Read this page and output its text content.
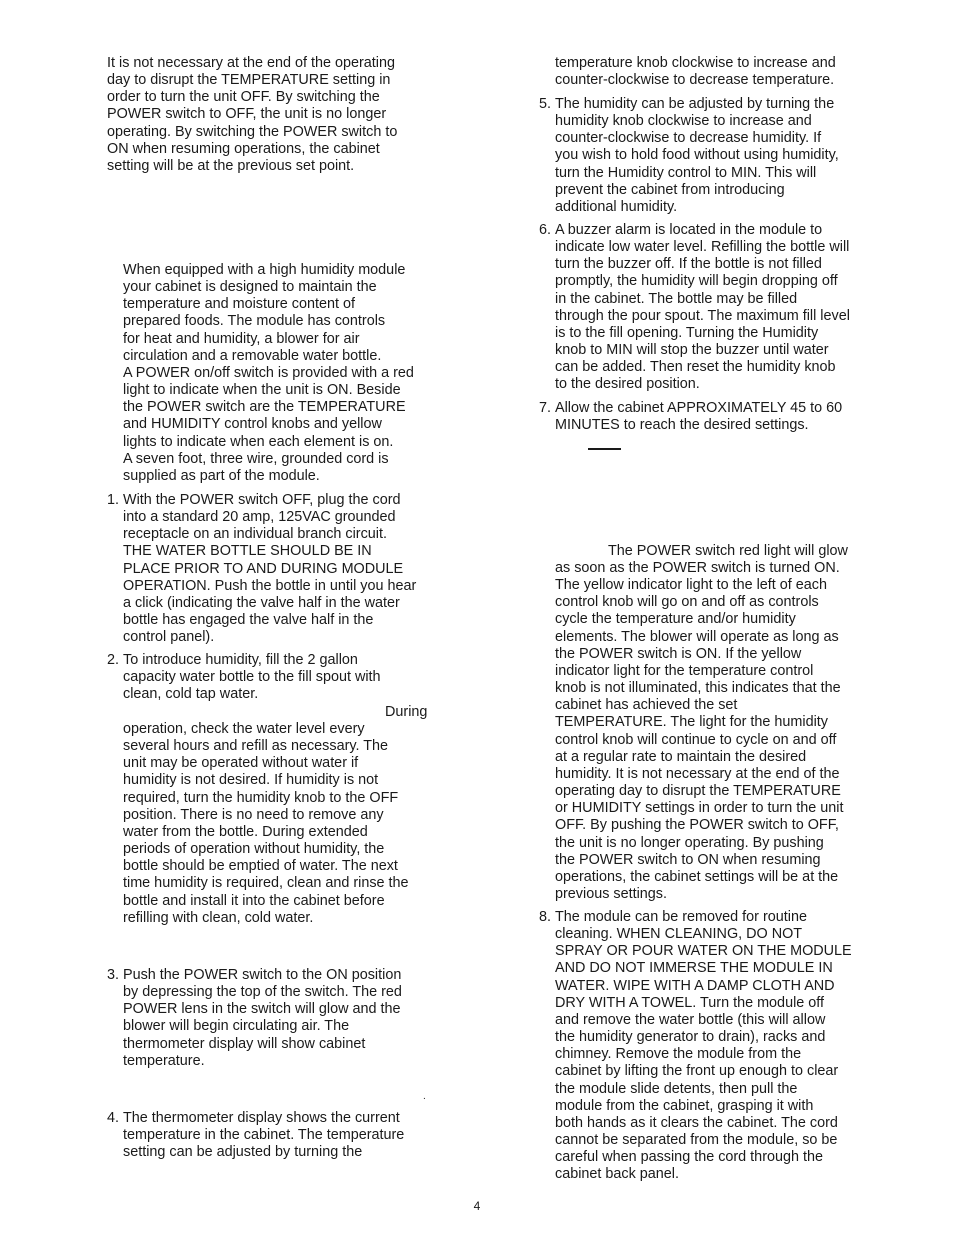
It is not necessary at the end of the operating
day to disrupt the TEMPERATURE setting in
order to turn the unit OFF. By switching the
POWER switch to OFF, the unit is no longer
operating. By switching the POWER switch to
ON when resuming operations, the cabinet
setting will be at the previous set point.

When equipped with a high humidity module
your cabinet is designed to maintain the
temperature and moisture content of
prepared foods. The module has controls
for heat and humidity, a blower for air
circulation and a removable water bottle.
A POWER on/off switch is provided with a red
light to indicate when the unit is ON. Beside
the POWER switch are the TEMPERATURE
and HUMIDITY control knobs and yellow
lights to indicate when each element is on.
A seven foot, three wire, grounded cord is
supplied as part of the module.

1. With the POWER switch OFF, plug the cord
into a standard 20 amp, 125VAC grounded
receptacle on an individual branch circuit.
THE WATER BOTTLE SHOULD BE IN
PLACE PRIOR TO AND DURING MODULE
OPERATION. Push the bottle in until you hear
a click (indicating the valve half in the water
bottle has engaged the valve half in the
control panel).
2. To introduce humidity, fill the 2 gallon
capacity water bottle to the fill spout with
clean, cold tap water.

During

operation, check the water level every
several hours and refill as necessary. The
unit may be operated without water if
humidity is not desired. If humidity is not
required, turn the humidity knob to the OFF
position. There is no need to remove any
water from the bottle. During extended
periods of operation without humidity, the
bottle should be emptied of water. The next
time humidity is required, clean and rinse the
bottle and install it into the cabinet before
refilling with clean, cold water.

3. Push the POWER switch to the ON position
by depressing the top of the switch. The red
POWER lens in the switch will glow and the
blower will begin circulating air. The
thermometer display will show cabinet
temperature.
.
4. The thermometer display shows the current
temperature in the cabinet. The temperature
setting can be adjusted by turning the

temperature knob clockwise to increase and
counter-clockwise to decrease temperature.

5. The humidity can be adjusted by turning the
humidity knob clockwise to increase and
counter-clockwise to decrease humidity. If
you wish to hold food without using humidity,
turn the Humidity control to MIN. This will
prevent the cabinet from introducing
additional humidity.
6. A buzzer alarm is located in the module to
indicate low water level. Refilling the bottle will
turn the buzzer off. If the bottle is not filled
promptly, the humidity will begin dropping off
in the cabinet. The bottle may be filled
through the pour spout. The maximum fill level
is to the fill opening. Turning the Humidity
knob to MIN will stop the buzzer until water
can be added. Then reset the humidity knob
to the desired position.
7. Allow the cabinet APPROXIMATELY 45 to 60
MINUTES to reach the desired settings.

The POWER switch red light will glow

as soon as the POWER switch is turned ON.
The yellow indicator light to the left of each
control knob will go on and off as controls
cycle the temperature and/or humidity
elements. The blower will operate as long as
the POWER switch is ON. If the yellow
indicator light for the temperature control
knob is not illuminated, this indicates that the
cabinet has achieved the set
TEMPERATURE. The light for the humidity
control knob will continue to cycle on and off
at a regular rate to maintain the desired
humidity. It is not necessary at the end of the
operating day to disrupt the TEMPERATURE
or HUMIDITY settings in order to turn the unit
OFF. By pushing the POWER switch to OFF,
the unit is no longer operating. By pushing
the POWER switch to ON when resuming
operations, the cabinet settings will be at the
previous settings.

8. The module can be removed for routine
cleaning. WHEN CLEANING, DO NOT
SPRAY OR POUR WATER ON THE MODULE
AND DO NOT IMMERSE THE MODULE IN
WATER. WIPE WITH A DAMP CLOTH AND
DRY WITH A TOWEL. Turn the module off
and remove the water bottle (this will allow
the humidity generator to drain), racks and
chimney. Remove the module from the
cabinet by lifting the front up enough to clear
the module slide detents, then pull the
module from the cabinet, grasping it with
both hands as it clears the cabinet. The cord
cannot be separated from the module, so be
careful when passing the cord through the
cabinet back panel.
4
